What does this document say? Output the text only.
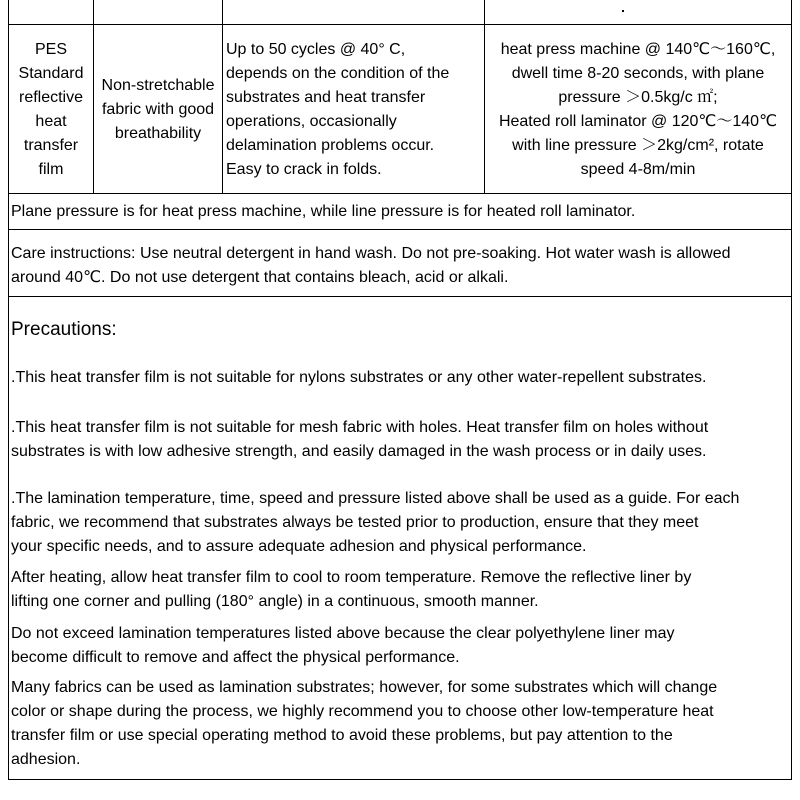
PES
Standard
reflective
heat
transfer
film
Non-stretchable
fabric with good
breathability
Up to 50 cycles @ 40° C,
depends on the condition of the
substrates and heat transfer
operations, occasionally
delamination problems occur.
Easy to crack in folds.
heat press machine @ 140℃～160℃,
dwell time 8-20 seconds, with plane
pressure ＞0.5kg/c ㎡;
Heated roll laminator @ 120℃～140℃
with line pressure ＞2kg/cm², rotate
speed 4-8m/min
Plane pressure is for heat press machine, while line pressure is for heated roll laminator.
Care instructions: Use neutral detergent in hand wash. Do not pre-soaking. Hot water wash is allowed
around 40℃. Do not use detergent that contains bleach, acid or alkali.
Precautions:
.This heat transfer film is not suitable for nylons substrates or any other water-repellent substrates.
.This heat transfer film is not suitable for mesh fabric with holes. Heat transfer film on holes without
substrates is with low adhesive strength, and easily damaged in the wash process or in daily uses.
.The lamination temperature, time, speed and pressure listed above shall be used as a guide. For each
fabric, we recommend that substrates always be tested prior to production, ensure that they meet
your specific needs, and to assure adequate adhesion and physical performance.
After heating, allow heat transfer film to cool to room temperature. Remove the reflective liner by
lifting one corner and pulling (180° angle) in a continuous, smooth manner.
Do not exceed lamination temperatures listed above because the clear polyethylene liner may
become difficult to remove and affect the physical performance.
Many fabrics can be used as lamination substrates; however, for some substrates which will change
color or shape during the process, we highly recommend you to choose other low-temperature heat
transfer film or use special operating method to avoid these problems, but pay attention to the
adhesion.
